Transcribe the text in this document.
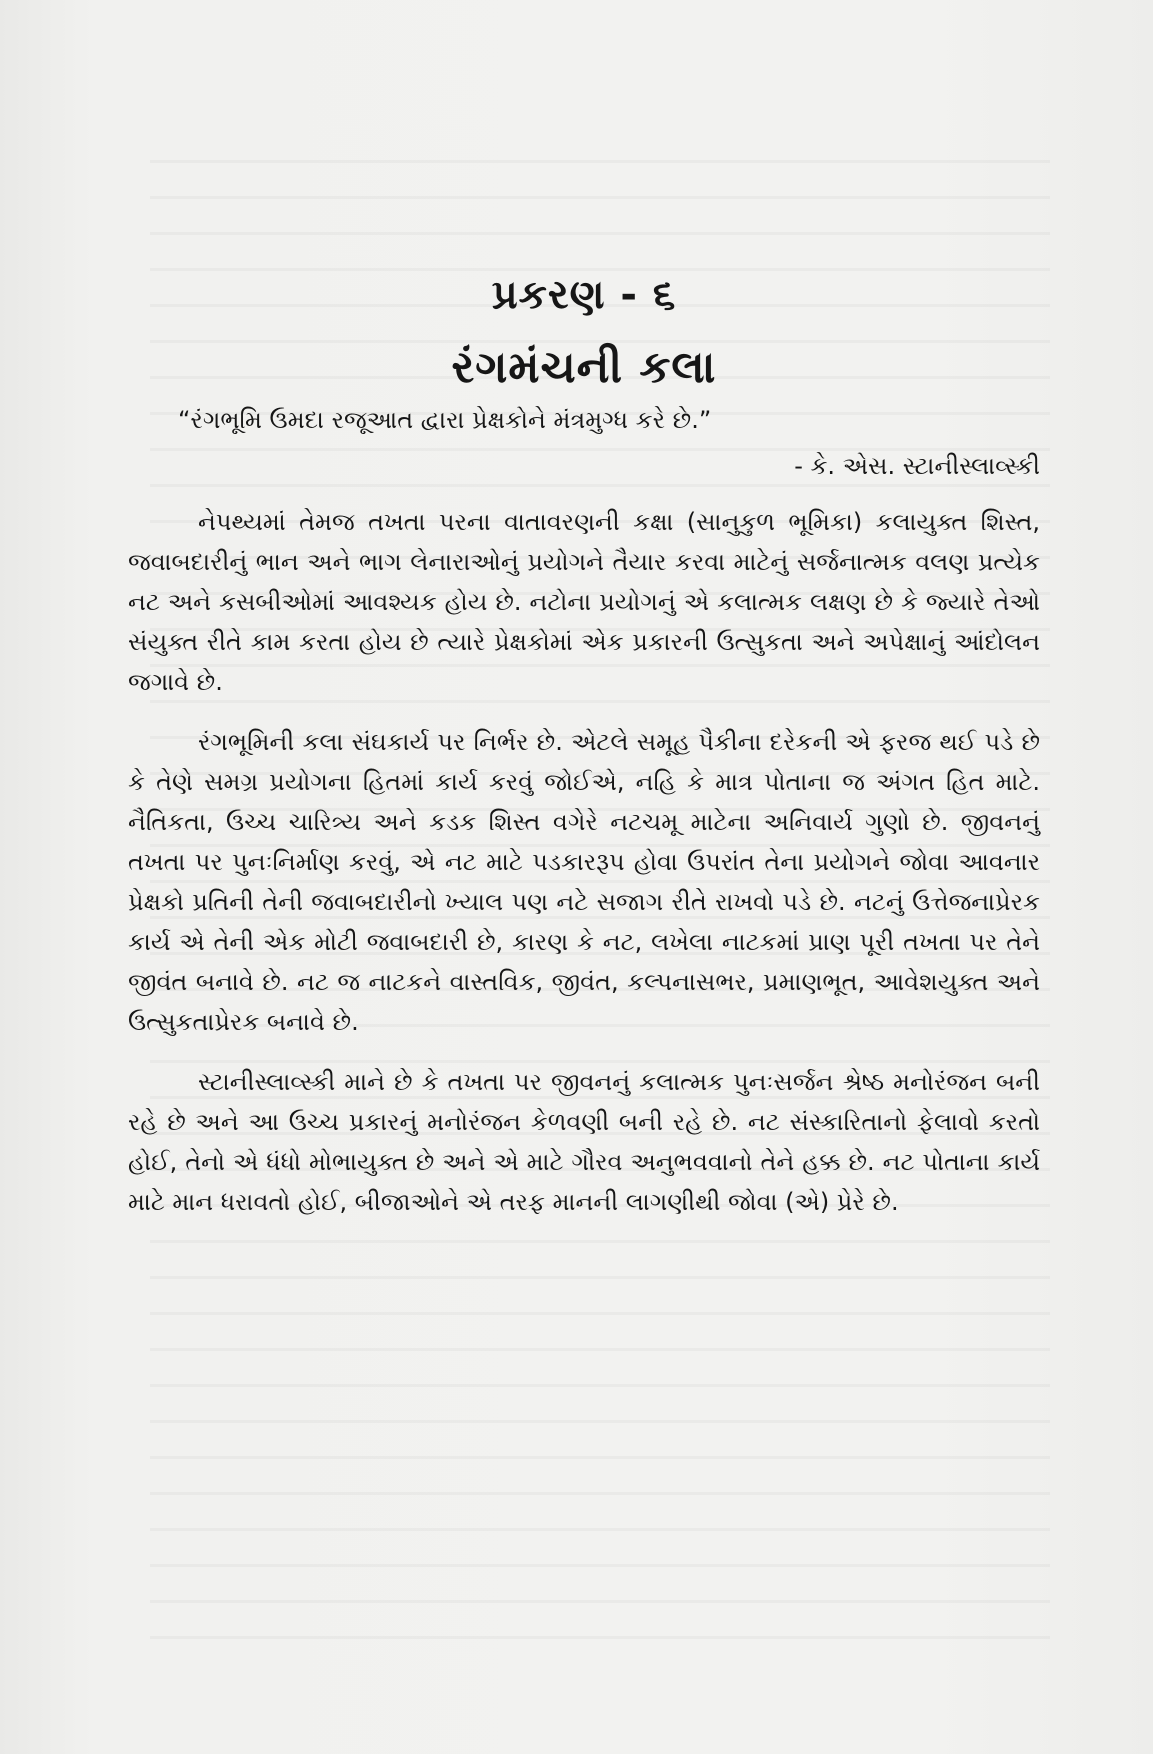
પ્રકરણ - ૬
રંગમંચની કલા

“રંગભૂમિ ઉમદા રજૂઆત દ્વારા પ્રેક્ષકોને મંત્રમુગ્ધ કરે છે.”

- કે. એસ. સ્ટાનીસ્લાવ્સ્કી

નેપથ્યમાં તેમજ તખતા પરના વાતાવરણની કક્ષા (સાનુકુળ ભૂમિકા) કલાયુક્ત શિસ્ત, જવાબદારીનું ભાન અને ભાગ લેનારાઓનું પ્રયોગને તૈયાર કરવા માટેનું સર્જનાત્મક વલણ પ્રત્યેક નટ અને કસબીઓમાં આવશ્યક હોય છે. નટોના પ્રયોગનું એ કલાત્મક લક્ષણ છે કે જ્યારે તેઓ સંયુક્ત રીતે કામ કરતા હોય છે ત્યારે પ્રેક્ષકોમાં એક પ્રકારની ઉત્સુકતા અને અપેક્ષાનું આંદોલન જગાવે છે.

રંગભૂમિની કલા સંઘકાર્ય પર નિર્ભર છે. એટલે સમૂહ પૈકીના દરેકની એ ફરજ થઈ પડે છે કે તેણે સમગ્ર પ્રયોગના હિતમાં કાર્ય કરવું જોઈએ, નહિ કે માત્ર પોતાના જ અંગત હિત માટે. નૈતિકતા, ઉચ્ચ ચારિત્ર્ય અને કડક શિસ્ત વગેરે નટચમૂ માટેના અનિવાર્ય ગુણો છે. જીવનનું તખતા પર પુનઃનિર્માણ કરવું, એ નટ માટે પડકારરૂપ હોવા ઉપરાંત તેના પ્રયોગને જોવા આવનાર પ્રેક્ષકો પ્રતિની તેની જવાબદારીનો ખ્યાલ પણ નટે સજાગ રીતે રાખવો પડે છે. નટનું ઉત્તેજનાપ્રેરક કાર્ય એ તેની એક મોટી જવાબદારી છે, કારણ કે નટ, લખેલા નાટકમાં પ્રાણ પૂરી તખતા પર તેને જીવંત બનાવે છે. નટ જ નાટકને વાસ્તવિક, જીવંત, કલ્પનાસભર, પ્રમાણભૂત, આવેશયુક્ત અને ઉત્સુકતાપ્રેરક બનાવે છે.

સ્ટાનીસ્લાવ્સ્કી માને છે કે તખતા પર જીવનનું કલાત્મક પુનઃસર્જન શ્રેષ્ઠ મનોરંજન બની રહે છે અને આ ઉચ્ચ પ્રકારનું મનોરંજન કેળવણી બની રહે છે. નટ સંસ્કારિતાનો ફેલાવો કરતો હોઈ, તેનો એ ધંધો મોભાયુક્ત છે અને એ માટે ગૌરવ અનુભવવાનો તેને હક્ક છે. નટ પોતાના કાર્ય માટે માન ધરાવતો હોઈ, બીજાઓને એ તરફ માનની લાગણીથી જોવા (એ) પ્રેરે છે.
